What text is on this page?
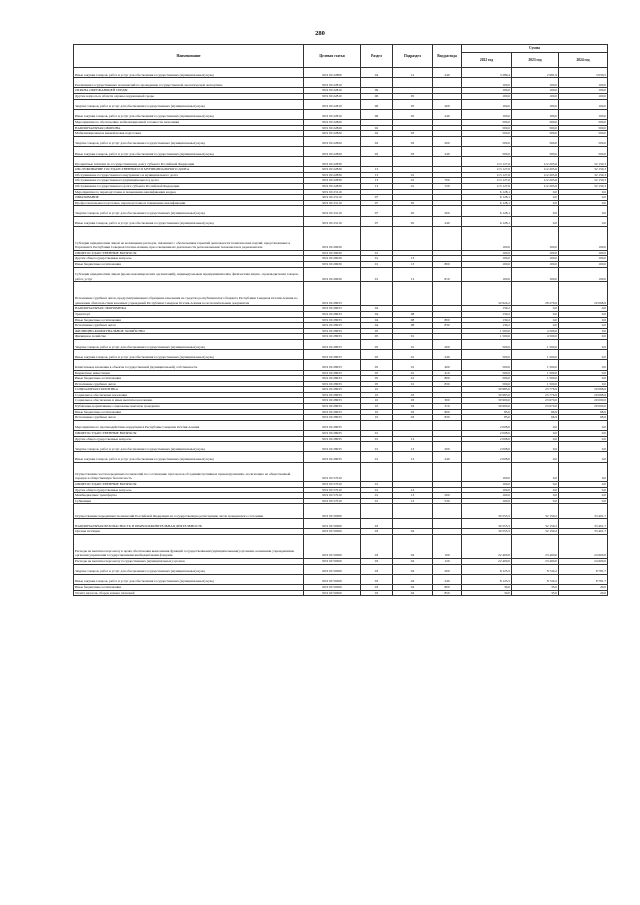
280
Наименование	Целевая статья	Раздел	Подраздел	Вид расхода	Сумма		
					2022 год	2023 год	2024 год
Иные закупки товаров, работ и услуг для обеспечения государственных (муниципальных) нужд	99 9 00 22800	04	12	240	3 289,4	2 981,9	3 059,5
Реализация государственных полномочий по проведению государственной экологической экспертизы	99 9 00 22810				100,0	100,0	100,0
ОХРАНА ОКРУЖАЮЩЕЙ СРЕДЫ	99 9 00 22810	06			100,0	100,0	100,0
Другие вопросы в области охраны окружающей среды	99 9 00 22810	06	05		100,0	100,0	100,0
Закупка товаров, работ и услуг для обеспечения государственных (муниципальных) нужд	99 9 00 22810	06	05	200	100,0	100,0	100,0
Иные закупки товаров, работ и услуг для обеспечения государственных (муниципальных) нужд	99 9 00 22810	06	05	240	100,0	100,0	100,0
Мероприятия по обеспечению мобилизационной готовности экономики	99 9 00 22820				500,0	500,0	500,0
НАЦИОНАЛЬНАЯ ОБОРОНА	99 9 00 22820	02			500,0	500,0	500,0
Мобилизационная и вневойсковая подготовка	99 9 00 22820	02	03		500,0	500,0	500,0
Закупка товаров, работ и услуг для обеспечения государственных (муниципальных) нужд	99 9 00 22820	02	03	200	500,0	500,0	500,0
Иные закупки товаров, работ и услуг для обеспечения государственных (муниципальных) нужд	99 9 00 22820	02	03	240	500,0	500,0	500,0
Процентные платежи по государственному долгу субъекта Российской Федерации	99 9 00 22830				113 127,6	112 205,6	32 159,3
ОБСЛУЖИВАНИЕ ГОСУДАРСТВЕННОГО И МУНИЦИПАЛЬНОГО ДОЛГА	99 9 00 22830	13			113 127,6	112 205,6	32 159,3
Обслуживание государственного внутреннего и муниципального долга	99 9 00 22830	13	01		113 127,6	112 205,6	32 159,3
Обслуживание государственного (муниципального) долга	99 9 00 22830	13	01	700	113 127,6	112 205,6	32 159,3
Обслуживание государственного долга субъекта Российской Федерации	99 9 00 22830	13	01	720	113 127,6	112 205,6	32 159,3
Мероприятия по переподготовке и повышению квалификации кадров	99 9 00 23110				6 128,1	0,0	0,0
ОБРАЗОВАНИЕ	99 9 00 23110	07			6 128,1	0,0	0,0
Профессиональная подготовка, переподготовка и повышение квалификации	99 9 00 23110	07	05		6 128,1	0,0	0,0
Закупка товаров, работ и услуг для обеспечения государственных (муниципальных) нужд	99 9 00 23110	07	05	200	6 128,1	0,0	0,0
Иные закупки товаров, работ и услуг для обеспечения государственных (муниципальных) нужд	99 9 00 23110	07	05	240	6 128,1	0,0	0,0
Субсидии юридическим лицам на возмещение расходов, связанных с обеспечением гарантий деятельности политических партий, представленных в Парламенте Республики Северная Осетия-Алания, при освещении их деятельности региональными телеканалом и радиоканалом	99 9 00 26930				100,0	100,0	100,0
ОБЩЕГОСУДАРСТВЕННЫЕ ВОПРОСЫ	99 9 00 26930	01			100,0	100,0	100,0
Другие общегосударственные вопросы	99 9 00 26930	01	13		100,0	100,0	100,0
Иные бюджетные ассигнования	99 9 00 26930	01	13	800	100,0	100,0	100,0
Субсидии юридическим лицам (кроме некоммерческих организаций), индивидуальным предпринимателям, физическим лицам - производителям товаров, работ, услуг	99 9 00 26930	01	13	810	100,0	100,0	100,0
Исполнение судебных актов, предусматривающих обращение взыскания на средства республиканского бюджета Республики Северная Осетия-Алания по денежным обязательствам казенных учреждений Республики Северная Осетия-Алания по исполнительным документам	99 9 00 28033				32 624,2	28 276,9	20 068,6
НАЦИОНАЛЬНАЯ ЭКОНОМИКА	99 9 00 28033	04			139,2	0,0	0,0
Транспорт	99 9 00 28033	04	08		139,2	0,0	0,0
Иные бюджетные ассигнования	99 9 00 28033	04	08	800	139,2	0,0	0,0
Исполнение судебных актов	99 9 00 28033	04	08	830	139,2	0,0	0,0
ЖИЛИЩНО-КОММУНАЛЬНОЕ ХОЗЯЙСТВО	99 9 00 28033	05			1 500,0	4 500,0	0,0
Жилищное хозяйство	99 9 00 28033	05	01		1 500,0	4 500,0	0,0
Закупка товаров, работ и услуг для обеспечения государственных (муниципальных) нужд	99 9 00 28033	05	01	200	500,0	1 500,0	0,0
Иные закупки товаров, работ и услуг для обеспечения государственных (муниципальных) нужд	99 9 00 28033	05	01	240	500,0	1 500,0	0,0
Капитальные вложения в объекты государственной (муниципальной) собственности	99 9 00 28033	05	01	400	500,0	1 500,0	0,0
Бюджетные инвестиции	99 9 00 28033	05	01	410	500,0	1 500,0	0,0
Иные бюджетные ассигнования	99 9 00 28033	05	01	800	500,0	1 500,0	0,0
Исполнение судебных актов	99 9 00 28033	05	01	830	500,0	1 500,0	0,0
СОЦИАЛЬНАЯ ПОЛИТИКА	99 9 00 28033	10			30 985,0	23 776,9	20 068,6
Социальное обеспечение населения	99 9 00 28033	10	03		30 985,0	23 776,9	20 068,6
Социальное обеспечение и иные выплаты населению	99 9 00 28033	10	03	300	30 900,0	23 670,0	20 000,0
Публичные нормативные социальные выплаты гражданам	99 9 00 28033	10	03	310	30 900,0	23 670,0	20 000,0
Иные бюджетные ассигнования	99 9 00 28033	10	03	800	85,0	66,9	68,6
Исполнение судебных актов	99 9 00 28033	10	03	830	85,0	66,9	68,6
Мероприятия по противодействию коррупции в Республике Северная Осетия-Алания	99 9 00 28035				2 008,0	0,0	0,0
ОБЩЕГОСУДАРСТВЕННЫЕ ВОПРОСЫ	99 9 00 28035	01			2 008,0	0,0	0,0
Другие общегосударственные вопросы	99 9 00 28035	01	13		2 008,0	0,0	0,0
Закупка товаров, работ и услуг для обеспечения государственных (муниципальных) нужд	99 9 00 28035	01	13	200	2 008,0	0,0	0,0
Иные закупки товаров, работ и услуг для обеспечения государственных (муниципальных) нужд	99 9 00 28035	01	13	240	2 008,0	0,0	0,0
Осуществление части переданных полномочий по составлению протоколов об административных правонарушениях, посягающих на общественный порядок и общественную безопасность	99 9 00 57010				100,0	0,0	0,0
ОБЩЕГОСУДАРСТВЕННЫЕ ВОПРОСЫ	99 9 00 57010	01			100,0	0,0	0,0
Другие общегосударственные вопросы	99 9 00 57010	01	13		100,0	0,0	0,0
Межбюджетные трансферты	99 9 00 57010	01	13	500	100,0	0,0	0,0
Субвенции	99 9 00 57010	01	13	530	100,0	0,0	0,0
Осуществление переданных полномочий Российской Федерации на государственную регистрацию актов гражданского состояния	99 9 00 59300				30 555,5	32 159,2	33 401,7
НАЦИОНАЛЬНАЯ БЕЗОПАСНОСТЬ И ПРАВООХРАНИТЕЛЬНАЯ ДЕЯТЕЛЬНОСТЬ	99 9 00 59300	03			30 555,5	32 159,2	33 401,7
Органы юстиции	99 9 00 59300	03	04		30 555,5	32 159,2	33 401,7
Расходы на выплаты персоналу в целях обеспечения выполнения функций государственными (муниципальными) органами, казенными учреждениями, органами управления государственными внебюджетными фондами	99 9 00 59300	03	04	100	22 400,0	23 400,0	24 600,0
Расходы на выплаты персоналу государственных (муниципальных) органов	99 9 00 59300	03	04	120	22 400,0	23 400,0	24 600,0
Закупка товаров, работ и услуг для обеспечения государственных (муниципальных) нужд	99 9 00 59300	03	04	200	8 125,5	8 724,2	8 781,7
Иные закупки товаров, работ и услуг для обеспечения государственных (муниципальных) нужд	99 9 00 59300	03	04	240	8 125,5	8 724,2	8 781,7
Иные бюджетные ассигнования	99 9 00 59300	03	04	800	30,0	35,0	20,0
Уплата налогов, сборов и иных платежей	99 9 00 59300	03	04	850	30,0	35,0	20,0
